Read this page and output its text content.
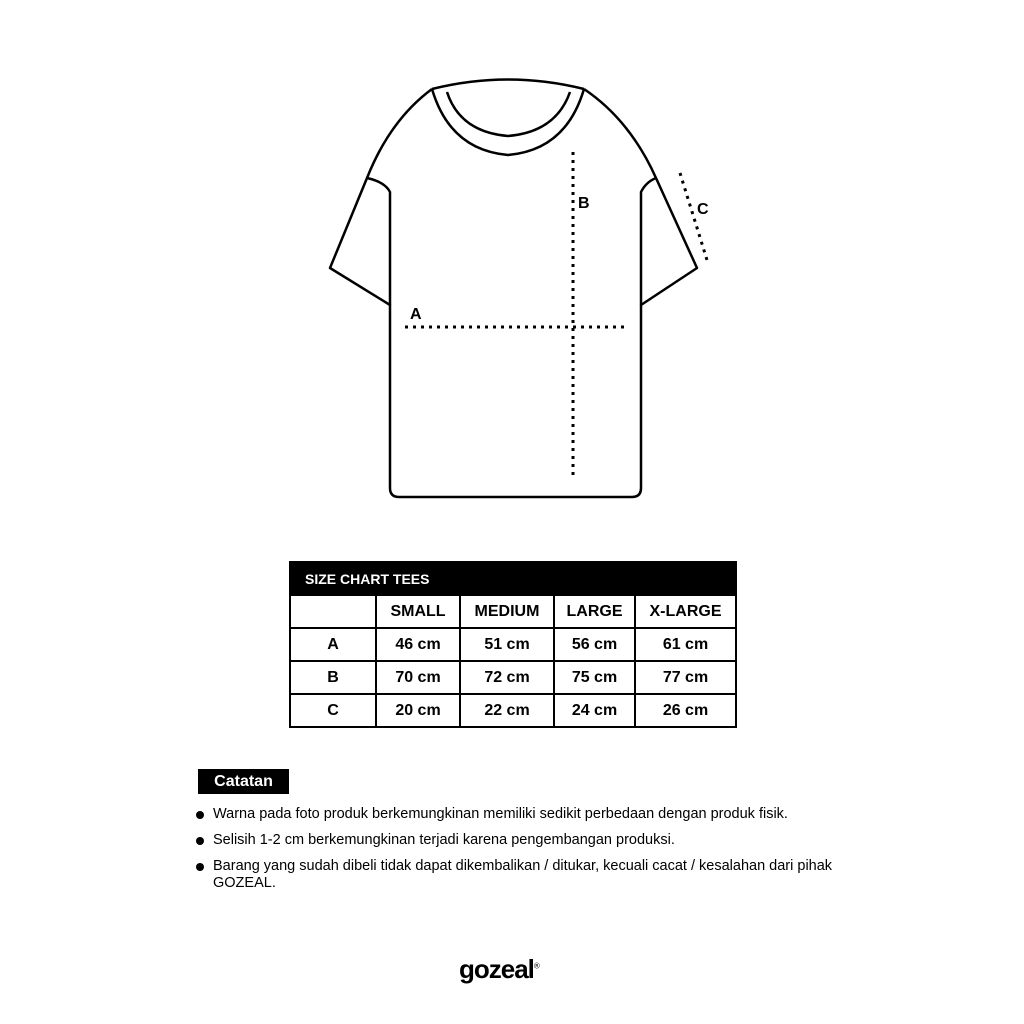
B
A
C
SIZE CHART TEES				
	SMALL	MEDIUM	LARGE	X-LARGE
A	46 cm	51 cm	56 cm	61 cm
B	70 cm	72 cm	75 cm	77 cm
C	20 cm	22 cm	24 cm	26 cm
Catatan
Warna pada foto produk berkemungkinan memiliki sedikit perbedaan dengan produk fisik.
Selisih 1-2 cm berkemungkinan terjadi karena pengembangan produksi.
Barang yang sudah dibeli tidak dapat dikembalikan / ditukar, kecuali cacat / kesalahan dari pihak GOZEAL.
gozeal®
